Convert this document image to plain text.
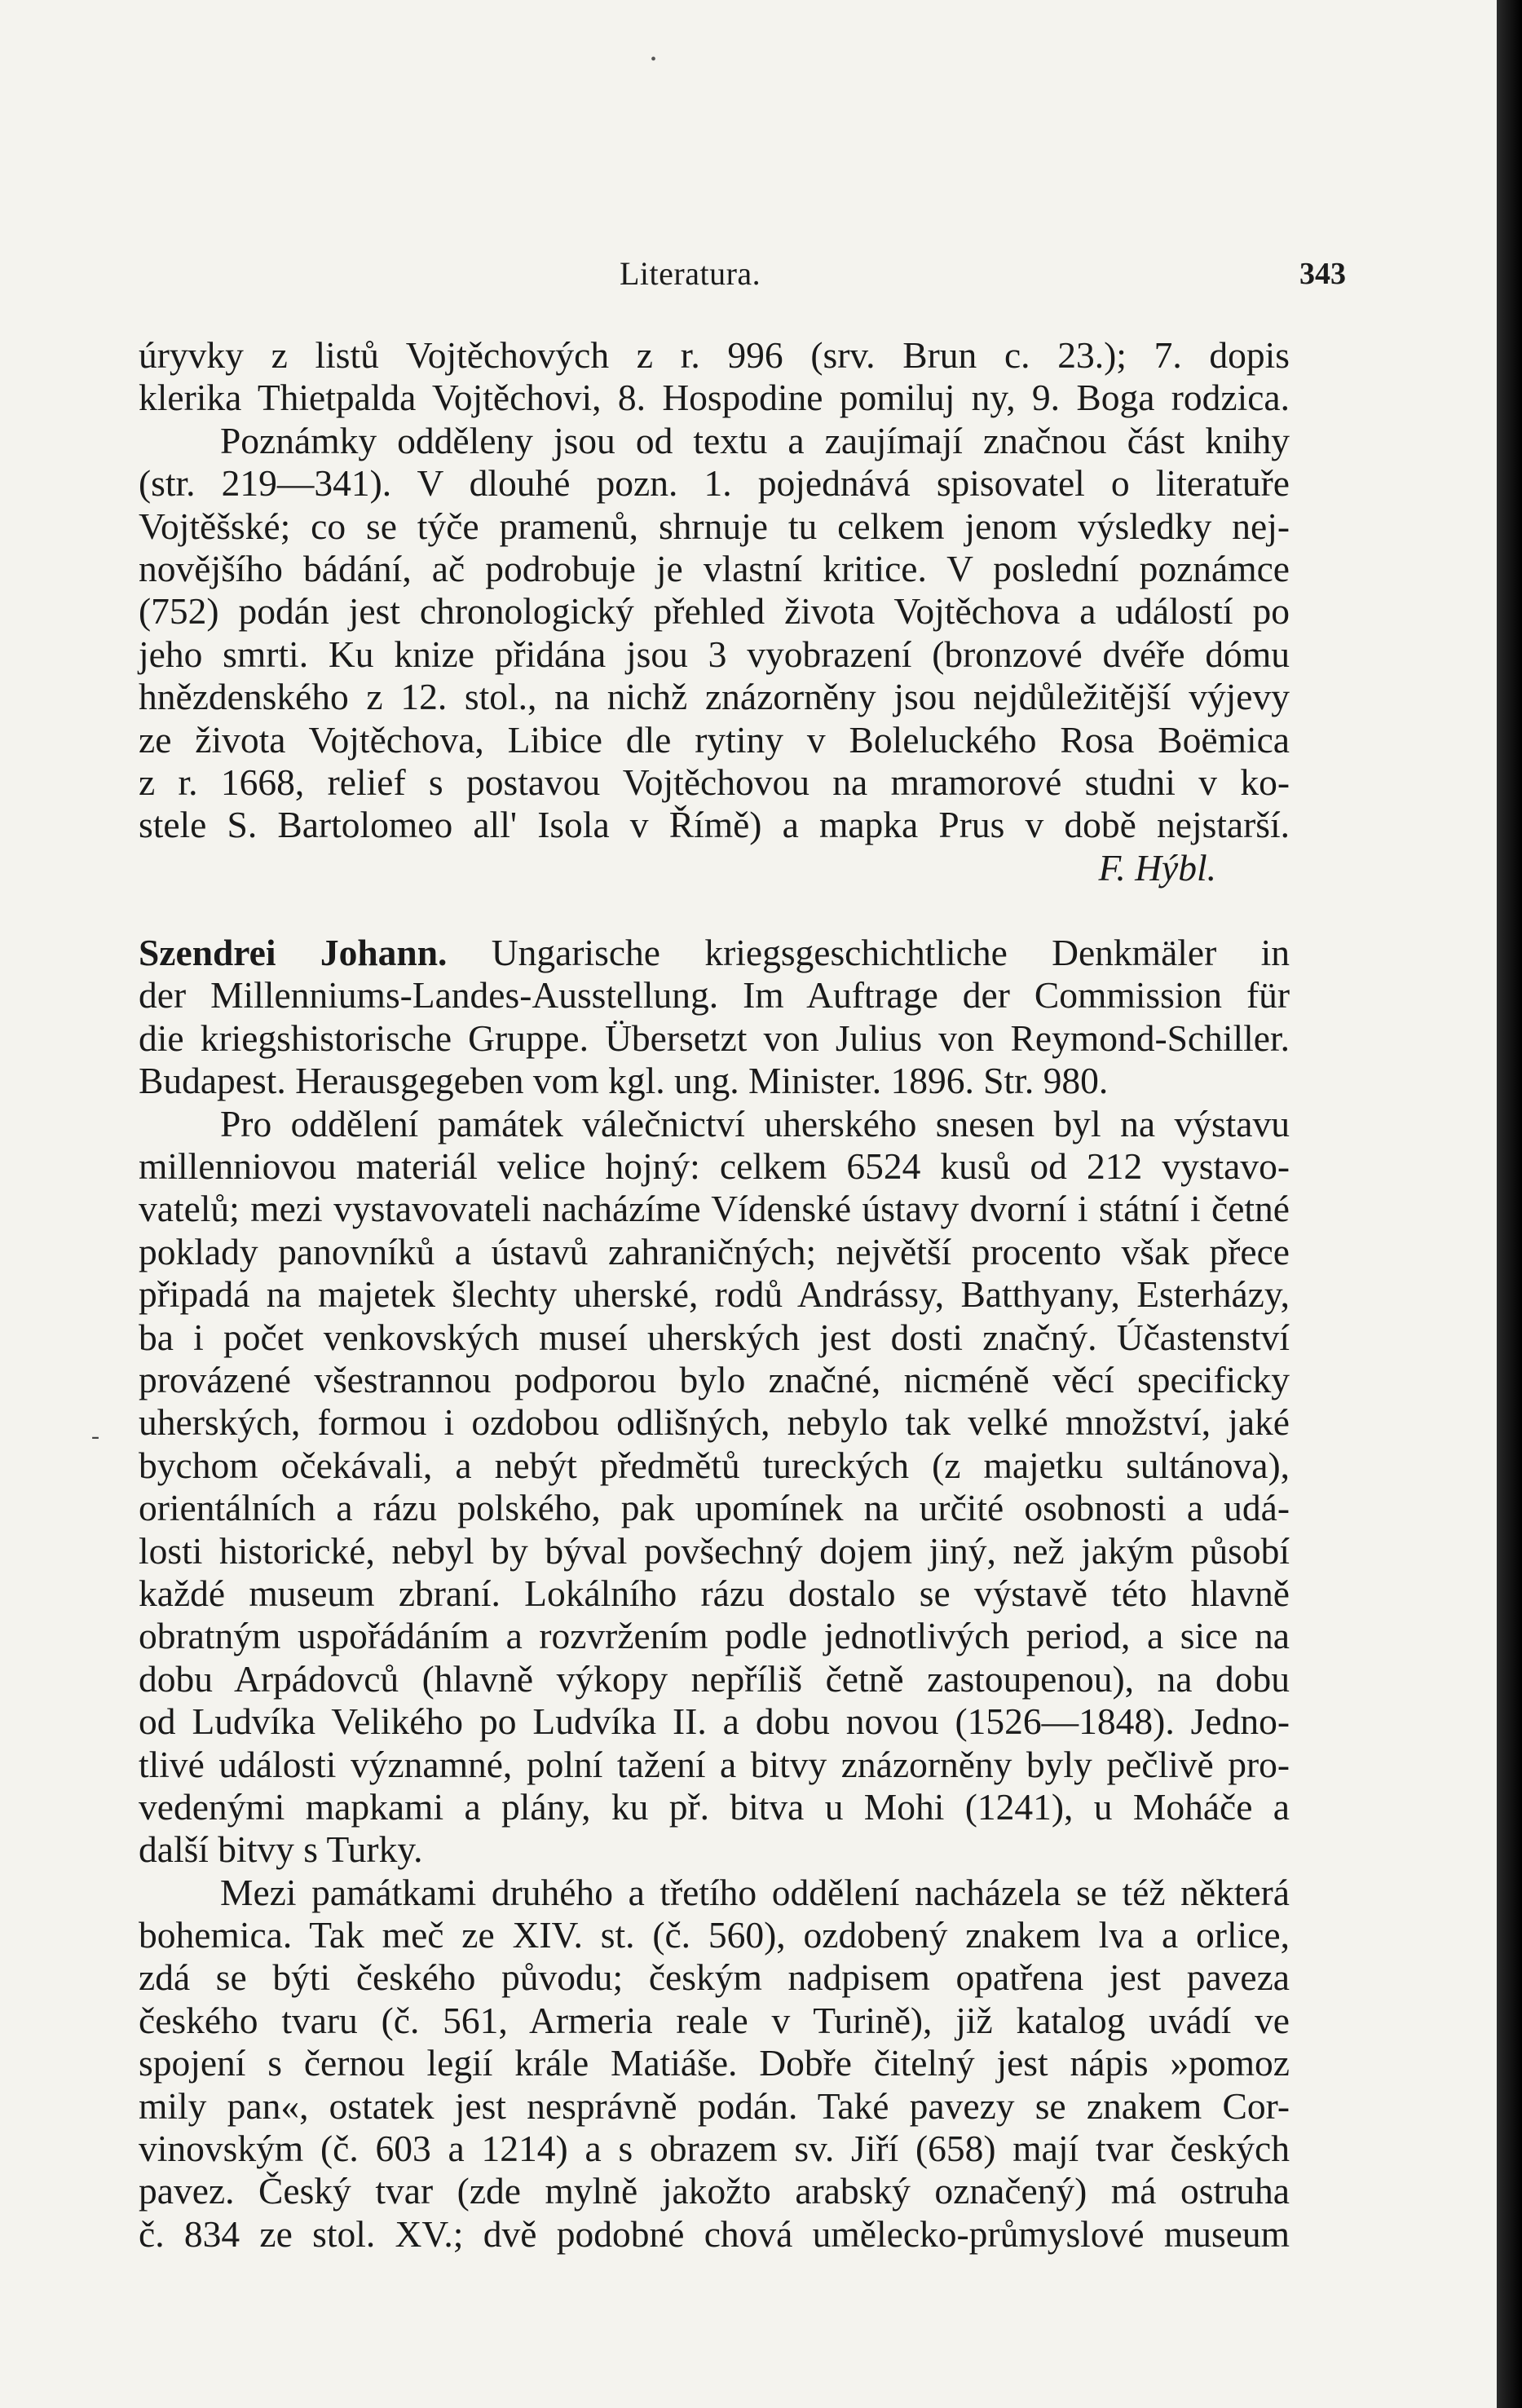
•
-
Literatura.	343
úryvky z listů Vojtěchových z r. 996 (srv. Brun c. 23.); 7. dopis
klerika Thietpalda Vojtěchovi, 8. Hospodine pomiluj ny, 9. Boga rodzica.
Poznámky odděleny jsou od textu a zaujímají značnou část knihy
(str. 219—341). V dlouhé pozn. 1. pojednává spisovatel o literatuře
Vojtěšské; co se týče pramenů, shrnuje tu celkem jenom výsledky nej-
novějšího bádání, ač podrobuje je vlastní kritice. V poslední poznámce
(752) podán jest chronologický přehled života Vojtěchova a událostí po
jeho smrti. Ku knize přidána jsou 3 vyobrazení (bronzové dvéře dómu
hnězdenského z 12. stol., na nichž znázorněny jsou nejdůležitější výjevy
ze života Vojtěchova, Libice dle rytiny v Boleluckého Rosa Boëmica
z r. 1668, relief s postavou Vojtěchovou na mramorové studni v ko-
stele S. Bartolomeo all' Isola v Římě) a mapka Prus v době nejstarší.
F. Hýbl.
Szendrei Johann. Ungarische kriegsgeschichtliche Denkmäler in
der Millenniums-Landes-Ausstellung. Im Auftrage der Commission für
die kriegshistorische Gruppe. Übersetzt von Julius von Reymond-Schiller.
Budapest. Herausgegeben vom kgl. ung. Minister. 1896. Str. 980.
Pro oddělení památek válečnictví uherského snesen byl na výstavu
millenniovou materiál velice hojný: celkem 6524 kusů od 212 vystavo-
vatelů; mezi vystavovateli nacházíme Vídenské ústavy dvorní i státní i četné
poklady panovníků a ústavů zahraničných; největší procento však přece
připadá na majetek šlechty uherské, rodů Andrássy, Batthyany, Esterházy,
ba i počet venkovských museí uherských jest dosti značný. Účastenství
provázené všestrannou podporou bylo značné, nicméně věcí specificky
uherských, formou i ozdobou odlišných, nebylo tak velké množství, jaké
bychom očekávali, a nebýt předmětů tureckých (z majetku sultánova),
orientálních a rázu polského, pak upomínek na určité osobnosti a udá-
losti historické, nebyl by býval povšechný dojem jiný, než jakým působí
každé museum zbraní. Lokálního rázu dostalo se výstavě této hlavně
obratným uspořádáním a rozvržením podle jednotlivých period, a sice na
dobu Arpádovců (hlavně výkopy nepříliš četně zastoupenou), na dobu
od Ludvíka Velikého po Ludvíka II. a dobu novou (1526—1848). Jedno-
tlivé události významné, polní tažení a bitvy znázorněny byly pečlivě pro-
vedenými mapkami a plány, ku př. bitva u Mohi (1241), u Moháče a
další bitvy s Turky.
Mezi památkami druhého a třetího oddělení nacházela se též některá
bohemica. Tak meč ze XIV. st. (č. 560), ozdobený znakem lva a orlice,
zdá se býti českého původu; českým nadpisem opatřena jest paveza
českého tvaru (č. 561, Armeria reale v Turině), již katalog uvádí ve
spojení s černou legií krále Matiáše. Dobře čitelný jest nápis »pomoz
mily pan«, ostatek jest nesprávně podán. Také pavezy se znakem Cor-
vinovským (č. 603 a 1214) a s obrazem sv. Jiří (658) mají tvar českých
pavez. Český tvar (zde mylně jakožto arabský označený) má ostruha
č. 834 ze stol. XV.; dvě podobné chová umělecko-průmyslové museum
